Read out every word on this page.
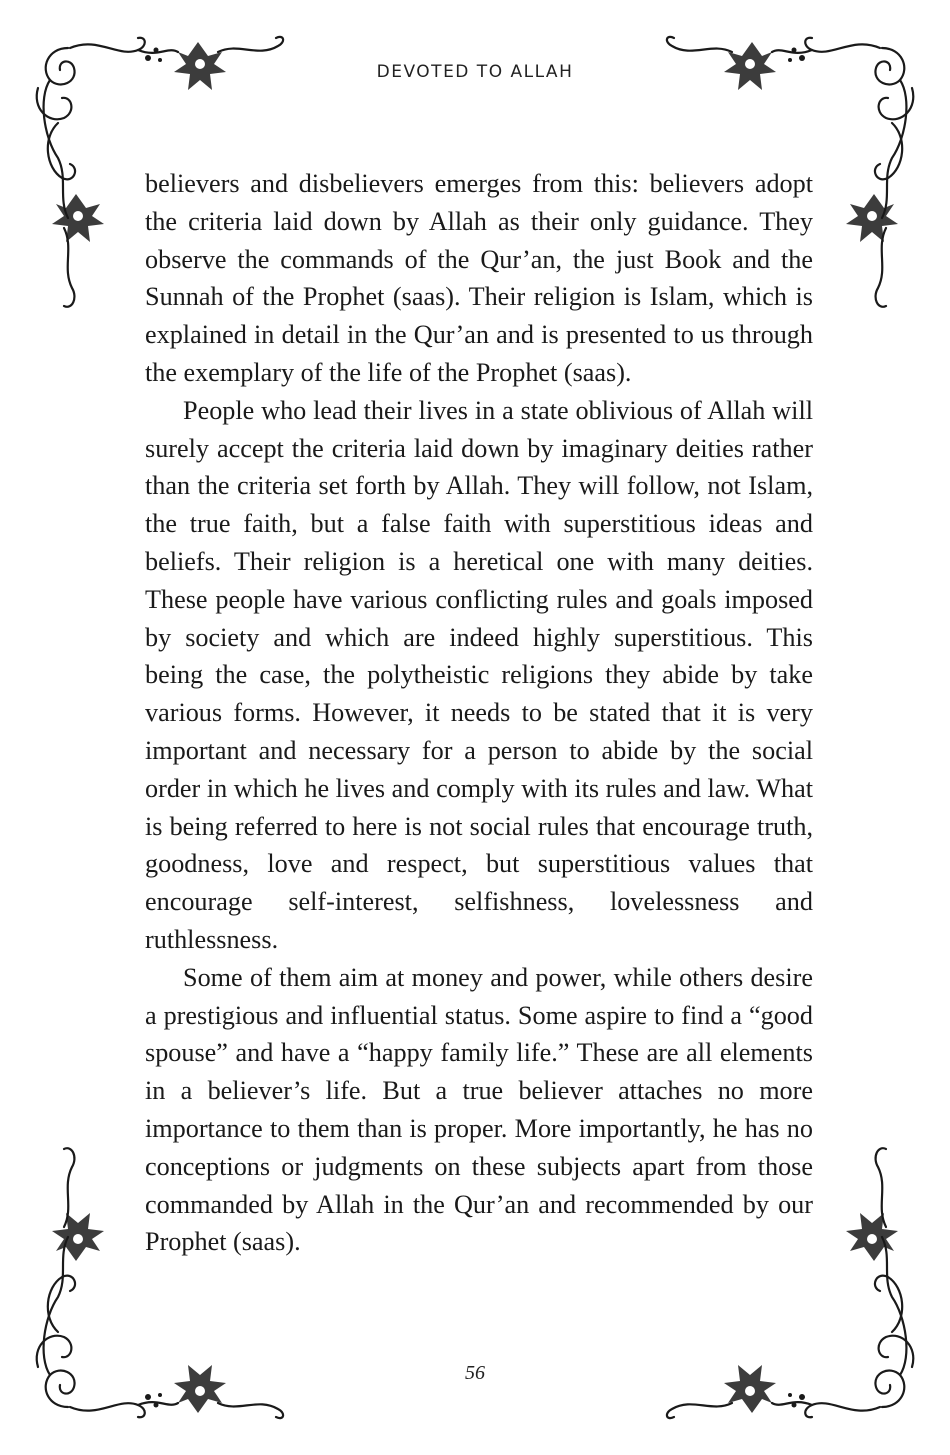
DEVOTED TO ALLAH

believers and disbelievers emerges from this: believers adopt the criteria laid down by Allah as their only guidance. They observe the commands of the Qur’an, the just Book and the Sunnah of the Prophet (saas). Their religion is Islam, which is explained in detail in the Qur’an and is presented to us through the exemplary of the life of the Prophet (saas).

People who lead their lives in a state oblivious of Allah will surely accept the criteria laid down by imaginary deities rather than the criteria set forth by Allah. They will follow, not Islam, the true faith, but a false faith with superstitious ideas and beliefs. Their religion is a heretical one with many deities. These people have various conflicting rules and goals imposed by society and which are indeed highly superstitious. This being the case, the polytheistic religions they abide by take various forms. However, it needs to be stated that it is very important and necessary for a person to abide by the social order in which he lives and comply with its rules and law. What is being referred to here is not social rules that encourage truth, goodness, love and respect, but superstitious values that encourage self-interest, selfishness, lovelessness and ruthlessness.

Some of them aim at money and power, while others desire a prestigious and influential status. Some aspire to find a “good spouse” and have a “happy family life.” These are all elements in a believer’s life. But a true believer attaches no more importance to them than is proper. More importantly, he has no conceptions or judgments on these subjects apart from those commanded by Allah in the Qur’an and recommended by our Prophet (saas).

56
